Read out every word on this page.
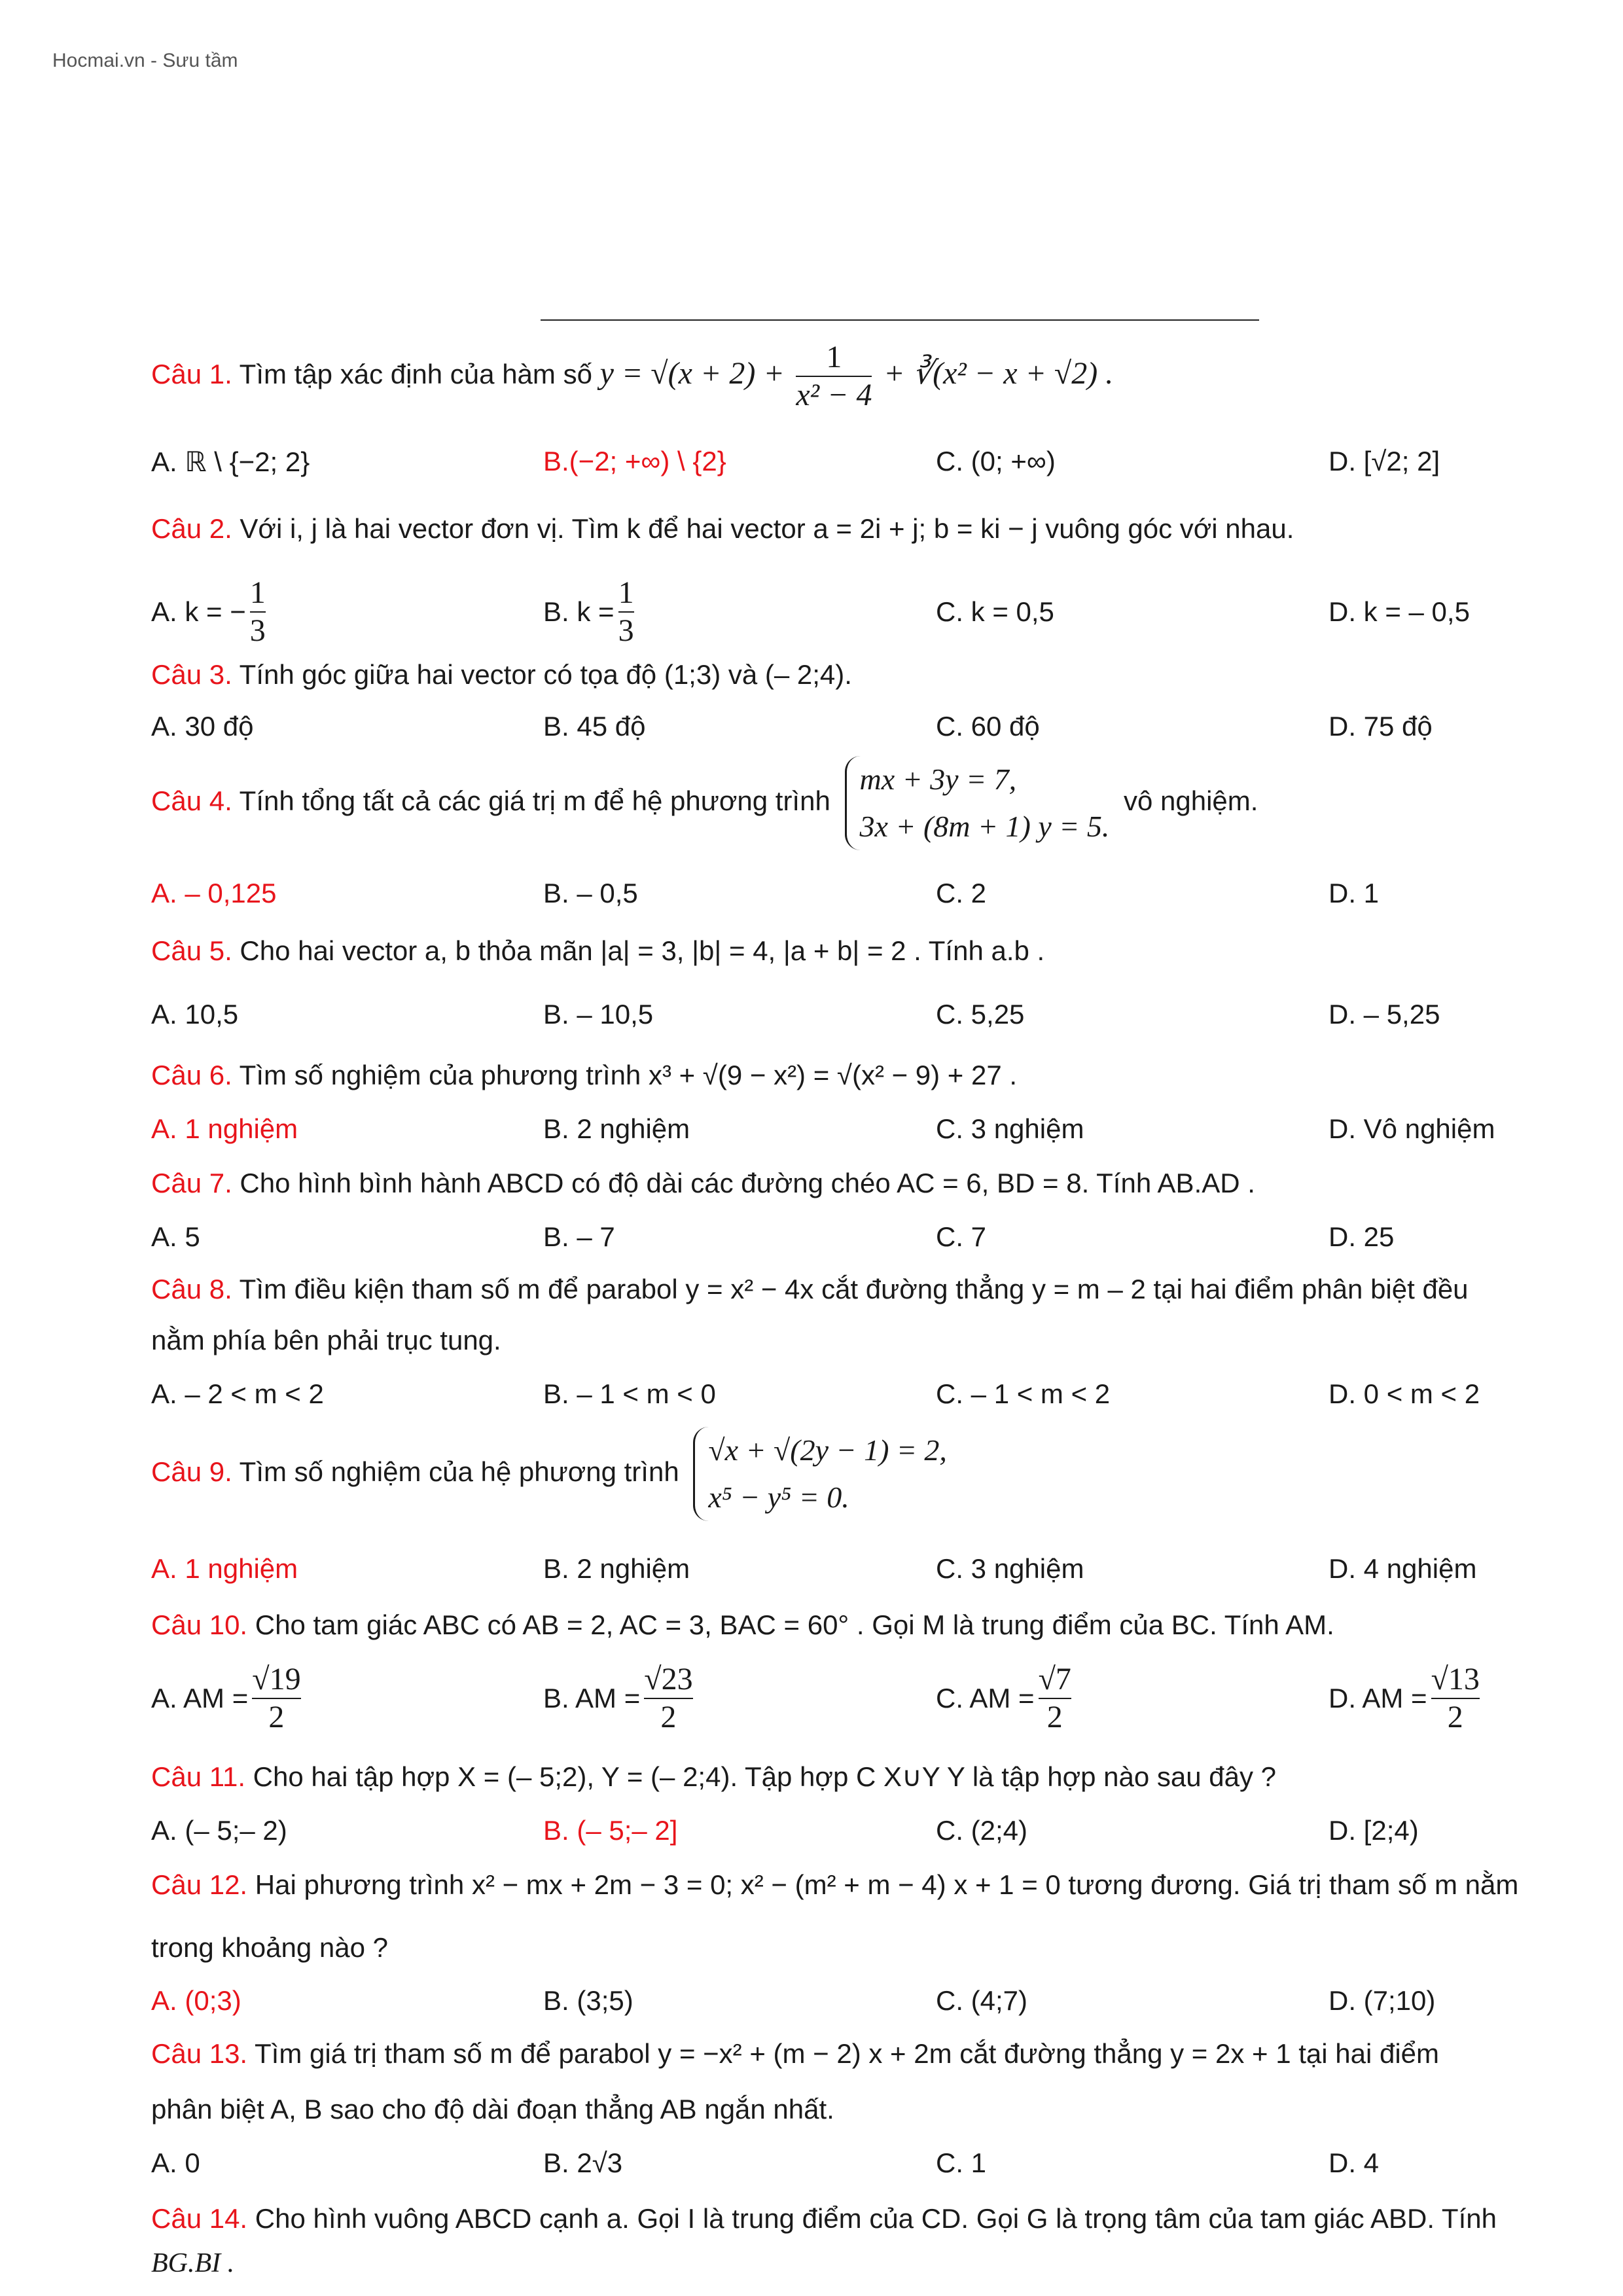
Hocmai.vn - Sưu tầm
Câu 1. Tìm tập xác định của hàm số $y = √(x + 2) + \frac{1}{\text{x² − 4}}$ + ∛(x² − x + √2) .
A. ℝ \ {−2; 2}	B.(−2; +∞) \ {2}	C. (0; +∞)	D. [√2; 2]
Câu 2. Với i, j là hai vector đơn vị. Tìm k để hai vector a = 2i + j; b = ki − j vuông góc với nhau.
A. k = − $\frac{1}{3}$	B. $k = \frac{1}{3}$	C. k = 0,5	D. k = – 0,5
Câu 3. Tính góc giữa hai vector có tọa độ (1;3) và (– 2;4).
A. 30 độ	B. 45 độ	C. 60 độ	D. 75 độ
Câu 4. Tính tổng tất cả các giá trị m để hệ phương trình
mx + 3y = 7,
3x + (8m + 1) y = 5.
vô nghiệm.
A. – 0,125	B. – 0,5	C. 2	D. 1
Câu 5. Cho hai vector a, b thỏa mãn |a| = 3, |b| = 4, |a + b| = 2 . Tính a.b .
A. 10,5	B. – 10,5	C. 5,25	D. – 5,25
Câu 6. Tìm số nghiệm của phương trình x³ + √(9 − x²) = √(x² − 9) + 27 .
A. 1 nghiệm	B. 2 nghiệm	C. 3 nghiệm	D. Vô nghiệm
Câu 7. Cho hình bình hành ABCD có độ dài các đường chéo AC = 6, BD = 8. Tính AB.AD .
A. 5	B. – 7	C. 7	D. 25
Câu 8. Tìm điều kiện tham số m để parabol y = x² − 4x cắt đường thẳng y = m – 2 tại hai điểm phân biệt đều
nằm phía bên phải trục tung.
A. – 2 < m < 2	B. – 1 < m < 0	C. – 1 < m < 2	D. 0 < m < 2
Câu 9. Tìm số nghiệm của hệ phương trình
√x + √(2y − 1) = 2,
x⁵ − y⁵ = 0.
A. 1 nghiệm	B. 2 nghiệm	C. 3 nghiệm	D. 4 nghiệm
Câu 10. Cho tam giác ABC có AB = 2, AC = 3, BAC = 60° . Gọi M là trung điểm của BC. Tính AM.
A. AM = $\frac{√19}{2}$	B. AM = $\frac{√23}{2}$	C. AM = $\frac{√7}{2}$	D. AM = $\frac{√13}{2}$
Câu 11. Cho hai tập hợp X = (– 5;2), Y = (– 2;4). Tập hợp C X∪Y Y là tập hợp nào sau đây ?
A. (– 5;– 2)	B. (– 5;– 2]	C. (2;4)	D. [2;4)
Câu 12. Hai phương trình x² − mx + 2m − 3 = 0; x² − (m² + m − 4) x + 1 = 0 tương đương. Giá trị tham số m nằm
trong khoảng nào ?
A. (0;3)	B. (3;5)	C. (4;7)	D. (7;10)
Câu 13. Tìm giá trị tham số m để parabol y = −x² + (m − 2) x + 2m cắt đường thẳng y = 2x + 1 tại hai điểm
phân biệt A, B sao cho độ dài đoạn thẳng AB ngắn nhất.
A. 0	B. 2√3	C. 1	D. 4
Câu 14. Cho hình vuông ABCD cạnh a. Gọi I là trung điểm của CD. Gọi G là trọng tâm của tam giác ABD. Tính
BG.BI .
